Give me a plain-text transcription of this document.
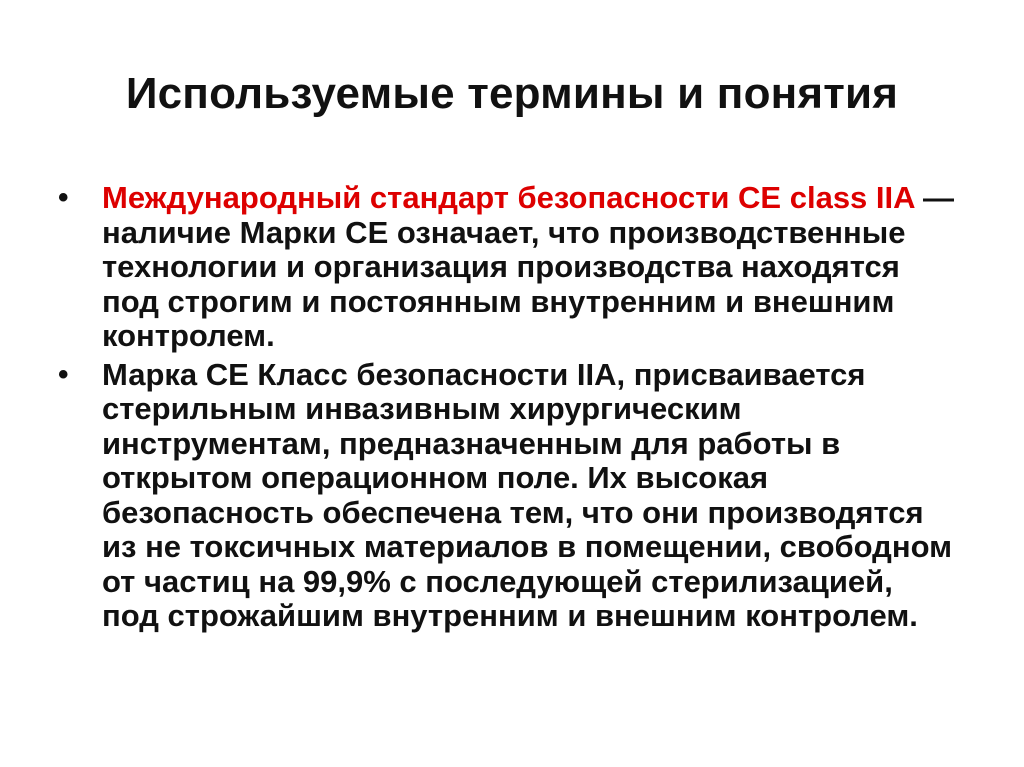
Используемые термины и понятия
• Международный стандарт безопасности CE class IIA — наличие Марки CE означает, что производственные технологии и организация производства находятся под строгим и постоянным внутренним и внешним контролем.
• Марка CE Класс безопасности IIA, присваивается стерильным инвазивным хирургическим инструментам, предназначенным для работы в открытом операционном поле. Их высокая безопасность обеспечена тем, что они производятся из не токсичных материалов в помещении, свободном от частиц на 99,9% с последующей стерилизацией, под строжайшим внутренним и внешним контролем.
